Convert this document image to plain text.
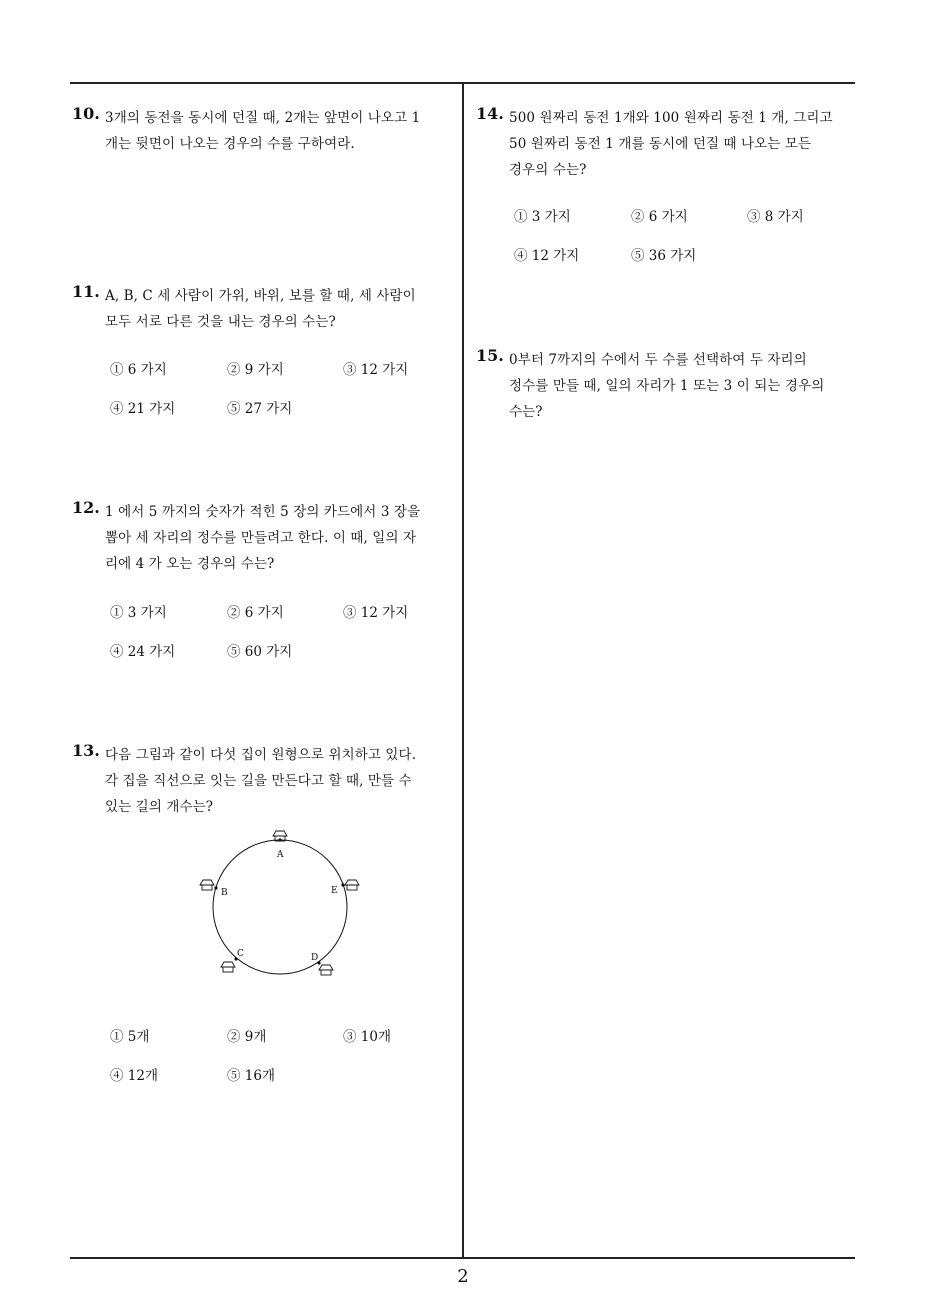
10. 3개의 동전을 동시에 던질 때, 2개는 앞면이 나오고 1
개는 뒷면이 나오는 경우의 수를 구하여라.
11. A, B, C 세 사람이 가위, 바위, 보를 할 때, 세 사람이
모두 서로 다른 것을 내는 경우의 수는?
① 6 가지	② 9 가지	③ 12 가지
④ 21 가지	⑤ 27 가지
12. 1 에서 5 까지의 숫자가 적힌 5 장의 카드에서 3 장을
뽑아 세 자리의 정수를 만들려고 한다. 이 때, 일의 자
리에 4 가 오는 경우의 수는?
① 3 가지	② 6 가지	③ 12 가지
④ 24 가지	⑤ 60 가지
13. 다음 그림과 같이 다섯 집이 원형으로 위치하고 있다.
각 집을 직선으로 잇는 길을 만든다고 할 때, 만들 수
있는 길의 개수는?
A
B
C	D
E
① 5개	② 9개	③ 10개
④ 12개	⑤ 16개
14. 500 원짜리 동전 1개와 100 원짜리 동전 1 개, 그리고
50 원짜리 동전 1 개를 동시에 던질 때 나오는 모든
경우의 수는?
① 3 가지	② 6 가지	③ 8 가지
④ 12 가지	⑤ 36 가지
15. 0부터 7까지의 수에서 두 수를 선택하여 두 자리의
정수를 만들 때, 일의 자리가 1 또는 3 이 되는 경우의
수는?
2
